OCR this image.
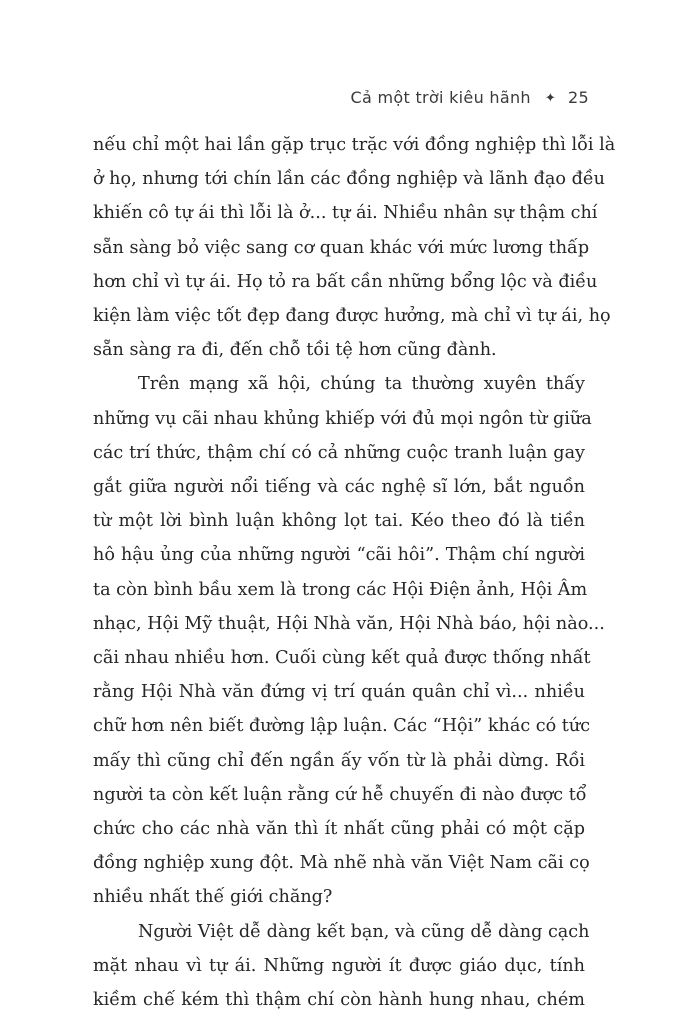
Cả một trời kiêu hãnh ✦ 25

nếu chỉ một hai lần gặp trục trặc với đồng nghiệp thì lỗi là
ở họ, nhưng tới chín lần các đồng nghiệp và lãnh đạo đều
khiến cô tự ái thì lỗi là ở... tự ái. Nhiều nhân sự thậm chí
sẵn sàng bỏ việc sang cơ quan khác với mức lương thấp
hơn chỉ vì tự ái. Họ tỏ ra bất cần những bổng lộc và điều
kiện làm việc tốt đẹp đang được hưởng, mà chỉ vì tự ái, họ
sẵn sàng ra đi, đến chỗ tồi tệ hơn cũng đành.

Trên mạng xã hội, chúng ta thường xuyên thấy
những vụ cãi nhau khủng khiếp với đủ mọi ngôn từ giữa
các trí thức, thậm chí có cả những cuộc tranh luận gay
gắt giữa người nổi tiếng và các nghệ sĩ lớn, bắt nguồn
từ một lời bình luận không lọt tai. Kéo theo đó là tiền
hô hậu ủng của những người “cãi hôi”. Thậm chí người
ta còn bình bầu xem là trong các Hội Điện ảnh, Hội Âm
nhạc, Hội Mỹ thuật, Hội Nhà văn, Hội Nhà báo, hội nào...
cãi nhau nhiều hơn. Cuối cùng kết quả được thống nhất
rằng Hội Nhà văn đứng vị trí quán quân chỉ vì... nhiều
chữ hơn nên biết đường lập luận. Các “Hội” khác có tức
mấy thì cũng chỉ đến ngần ấy vốn từ là phải dừng. Rồi
người ta còn kết luận rằng cứ hễ chuyến đi nào được tổ
chức cho các nhà văn thì ít nhất cũng phải có một cặp
đồng nghiệp xung đột. Mà nhẽ nhà văn Việt Nam cãi cọ
nhiều nhất thế giới chăng?

Người Việt dễ dàng kết bạn, và cũng dễ dàng cạch
mặt nhau vì tự ái. Những người ít được giáo dục, tính
kiềm chế kém thì thậm chí còn hành hung nhau, chém
